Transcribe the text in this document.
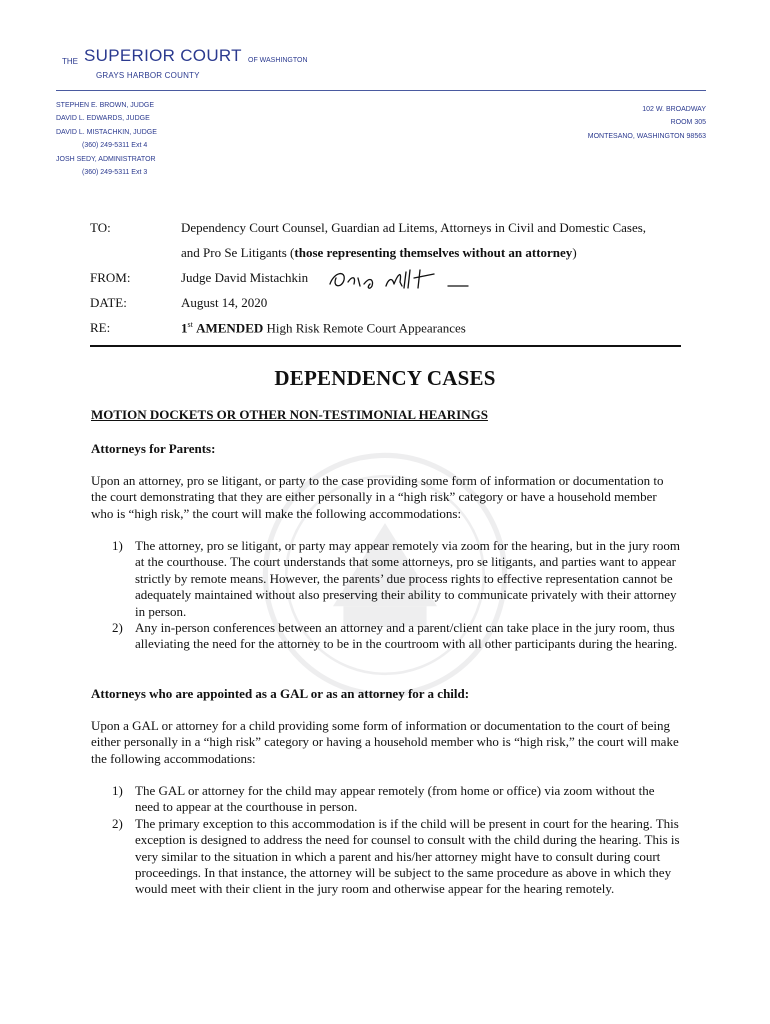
THE SUPERIOR COURT OF WASHINGTON
GRAYS HARBOR COUNTY
STEPHEN E. BROWN, JUDGE
DAVID L. EDWARDS, JUDGE
DAVID L. MISTACHKIN, JUDGE
(360) 249-5311 Ext 4
JOSH SEDY, ADMINISTRATOR
(360) 249-5311 Ext 3
102 W. BROADWAY
ROOM 305
MONTESANO, WASHINGTON 98563
TO:	Dependency Court Counsel, Guardian ad Litems, Attorneys in Civil and Domestic Cases,
and Pro Se Litigants (those representing themselves without an attorney)
FROM:	Judge David Mistachkin
DATE:	August 14, 2020
RE:	1st AMENDED High Risk Remote Court Appearances
DEPENDENCY CASES
MOTION DOCKETS OR OTHER NON-TESTIMONIAL HEARINGS
Attorneys for Parents:
Upon an attorney, pro se litigant, or party to the case providing some form of information or documentation to the court demonstrating that they are either personally in a “high risk” category or have a household member who is “high risk,” the court will make the following accommodations:
1) The attorney, pro se litigant, or party may appear remotely via zoom for the hearing, but in the jury room at the courthouse. The court understands that some attorneys, pro se litigants, and parties want to appear strictly by remote means. However, the parents’ due process rights to effective representation cannot be adequately maintained without also preserving their ability to communicate privately with their attorney in person.
2) Any in-person conferences between an attorney and a parent/client can take place in the jury room, thus alleviating the need for the attorney to be in the courtroom with all other participants during the hearing.
Attorneys who are appointed as a GAL or as an attorney for a child:
Upon a GAL or attorney for a child providing some form of information or documentation to the court of being either personally in a “high risk” category or having a household member who is “high risk,” the court will make the following accommodations:
1) The GAL or attorney for the child may appear remotely (from home or office) via zoom without the need to appear at the courthouse in person.
2) The primary exception to this accommodation is if the child will be present in court for the hearing. This exception is designed to address the need for counsel to consult with the child during the hearing. This is very similar to the situation in which a parent and his/her attorney might have to consult during court proceedings. In that instance, the attorney will be subject to the same procedure as above in which they would meet with their client in the jury room and otherwise appear for the hearing remotely.
